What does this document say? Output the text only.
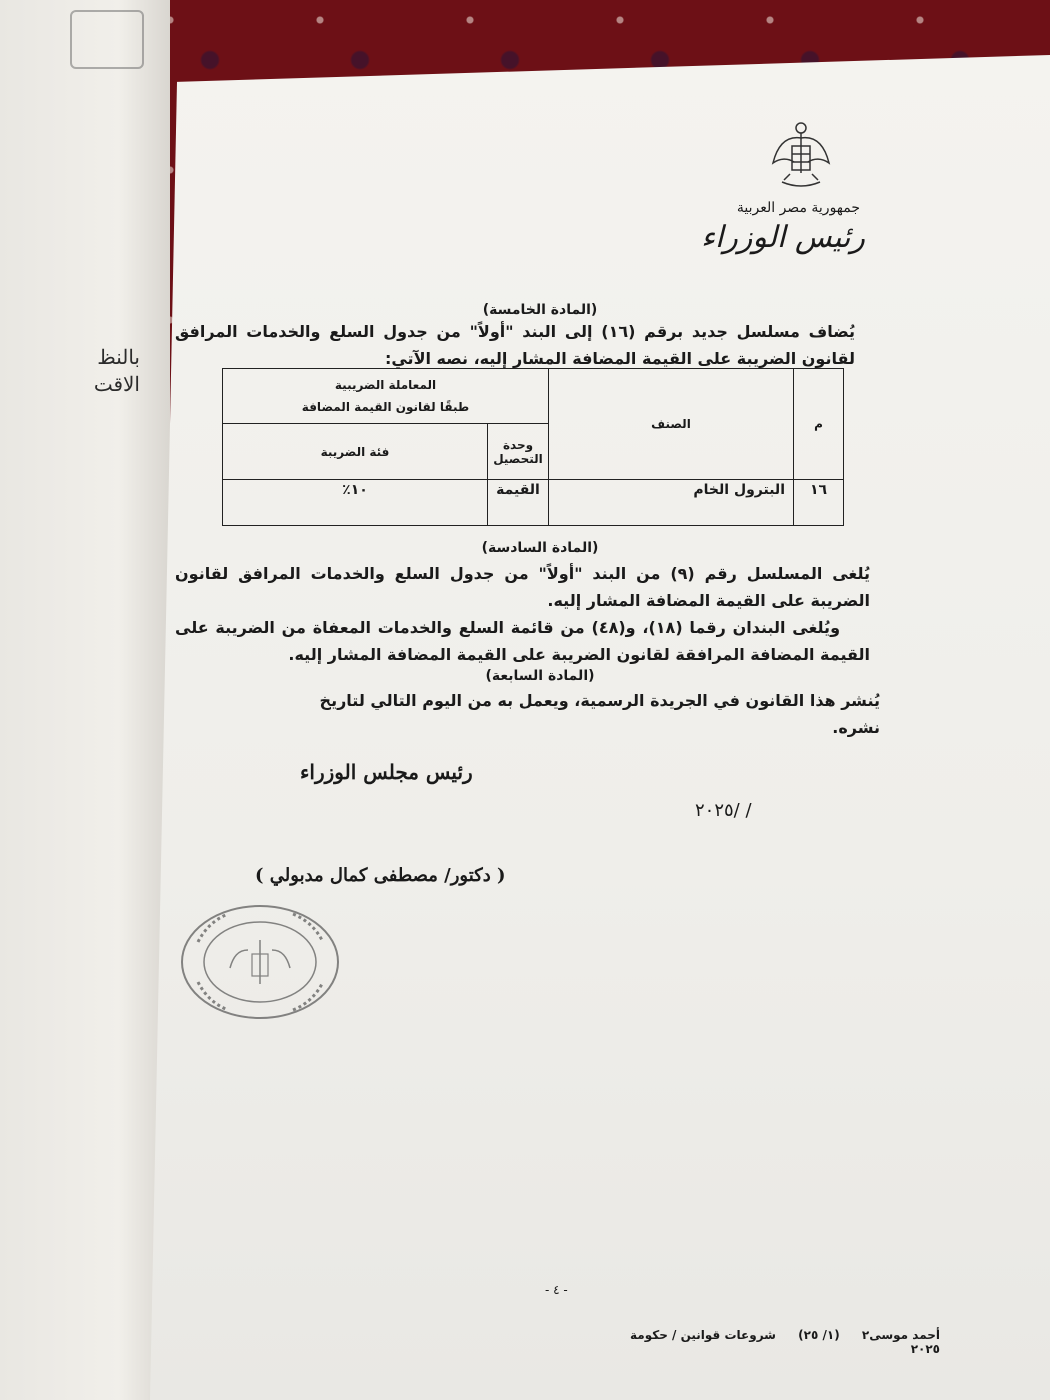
بالنظ
الاقت
جمهورية مصر العربية
رئيس الوزراء
(المادة الخامسة)
يُضاف مسلسل جديد برقم (١٦) إلى البند "أولاً" من جدول السلع والخدمات المرافق لقانون الضريبة على القيمة المضافة المشار إليه، نصه الآتي:
م	الصنف	المعاملة الضريبية
طبقًا لقانون القيمة المضافة	

		وحدة التحصيل	فئة الضريبة
١٦	البترول الخام	القيمة	١٠٪
(المادة السادسة)
يُلغى المسلسل رقم (٩) من البند "أولاً" من جدول السلع والخدمات المرافق لقانون الضريبة على القيمة المضافة المشار إليه.
ويُلغى البندان رقما (١٨)، و(٤٨) من قائمة السلع والخدمات المعفاة من الضريبة على القيمة المضافة المرافقة لقانون الضريبة على القيمة المضافة المشار إليه.
(المادة السابعة)
يُنشر هذا القانون في الجريدة الرسمية، ويعمل به من اليوم التالي لتاريخ نشره.
رئيس مجلس الوزراء
/ /٢٠٢٥
( دكتور/ مصطفى كمال مدبولي )
- ٤ -
أحمد موسى٢ (١/ ٢٥) شروعات قوانين / حكومة ٢٠٢٥
